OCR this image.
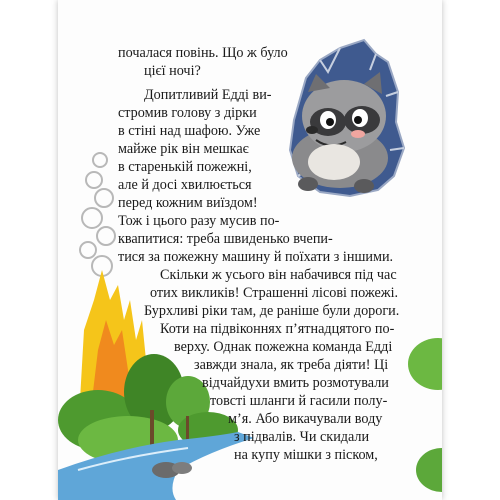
почалася повінь. Що ж було
цієї ночі?
Допитливий Едді ви-
стромив голову з дірки
в стіні над шафою. Уже
майже рік він мешкає
в старенькій пожежні,
але й досі хвилюється
перед кожним виїздом!
Тож і цього разу мусив по-
квапитися: треба швиденько вчепи-
тися за пожежну машину й поїхати з іншими.
Скільки ж усього він набачився під час
отих викликів! Страшенні лісові пожежі.
Бурхливі ріки там, де раніше були дороги.
Коти на підвіконнях п’ятнадцятого по-
верху. Однак пожежна команда Едді
завжди знала, як треба діяти! Ці
відчайдухи вмить розмотували
товсті шланги й гасили полу-
м’я. Або викачували воду
з підвалів. Чи скидали
на купу мішки з піском,
